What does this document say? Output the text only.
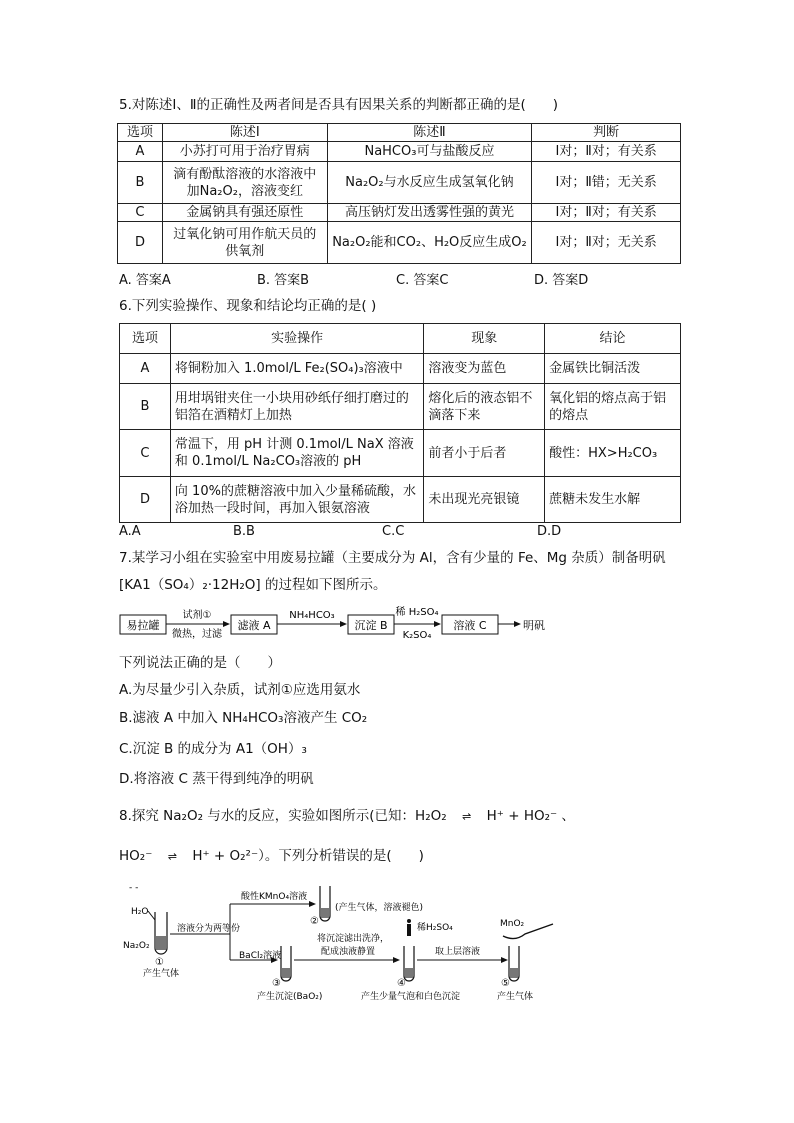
5.对陈述Ⅰ、Ⅱ的正确性及两者间是否具有因果关系的判断都正确的是(　　)
选项	陈述Ⅰ	陈述Ⅱ	判断
A	小苏打可用于治疗胃病	NaHCO₃可与盐酸反应	Ⅰ对；Ⅱ对；有关系
B	滴有酚酞溶液的水溶液中加Na₂O₂，溶液变红	Na₂O₂与水反应生成氢氧化钠	Ⅰ对；Ⅱ错；无关系
C	金属钠具有强还原性	高压钠灯发出透雾性强的黄光	Ⅰ对；Ⅱ对；有关系
D	过氧化钠可用作航天员的供氧剂	Na₂O₂能和CO₂、H₂O反应生成O₂	Ⅰ对；Ⅱ对；无关系
A. 答案A	B. 答案B	C. 答案C	D. 答案D
6.下列实验操作、现象和结论均正确的是( )
选项	实验操作	现象	结论
A	将铜粉加入 1.0mol/L Fe₂(SO₄)₃溶液中	溶液变为蓝色	金属铁比铜活泼
B	用坩埚钳夹住一小块用砂纸仔细打磨过的铝箔在酒精灯上加热	熔化后的液态铝不滴落下来	氧化铝的熔点高于铝的熔点
C	常温下，用 pH 计测 0.1mol/L NaX 溶液和 0.1mol/L Na₂CO₃溶液的 pH	前者小于后者	酸性：HX>H₂CO₃
D	向 10%的蔗糖溶液中加入少量稀硫酸，水浴加热一段时间，再加入银氨溶液	未出现光亮银镜	蔗糖未发生水解
A.A	B.B	C.C	D.D
7.某学习小组在实验室中用废易拉罐（主要成分为 Al，含有少量的 Fe、Mg 杂质）制备明矾
[KA1（SO₄）₂·12H₂O] 的过程如下图所示。
易拉罐
试剂①
微热，过滤
滤液 A
NH₄HCO₃
沉淀 B
稀 H₂SO₄
K₂SO₄
溶液 C	明矾
下列说法正确的是（　　）
A.为尽量少引入杂质，试剂①应选用氨水
B.滤液 A 中加入 NH₄HCO₃溶液产生 CO₂
C.沉淀 B 的成分为 A1（OH）₃
D.将溶液 C 蒸干得到纯净的明矾
8.探究 Na₂O₂ 与水的反应，实验如图所示(已知：H₂O₂ ⇌ H⁺ + HO₂⁻ 、
HO₂⁻ ⇌ H⁺ + O₂²⁻）。下列分析错误的是(　　)
- -
H₂O
Na₂O₂
①
产生气体
溶液分为两等份
酸性KMnO₄溶液
②
(产生气体，溶液褪色)
BaCl₂溶液
③
产生沉淀(BaO₂)
将沉淀滤出洗净，
配成浊液静置
稀H₂SO₄
④
产生少量气泡和白色沉淀
取上层溶液
MnO₂
⑤
产生气体
